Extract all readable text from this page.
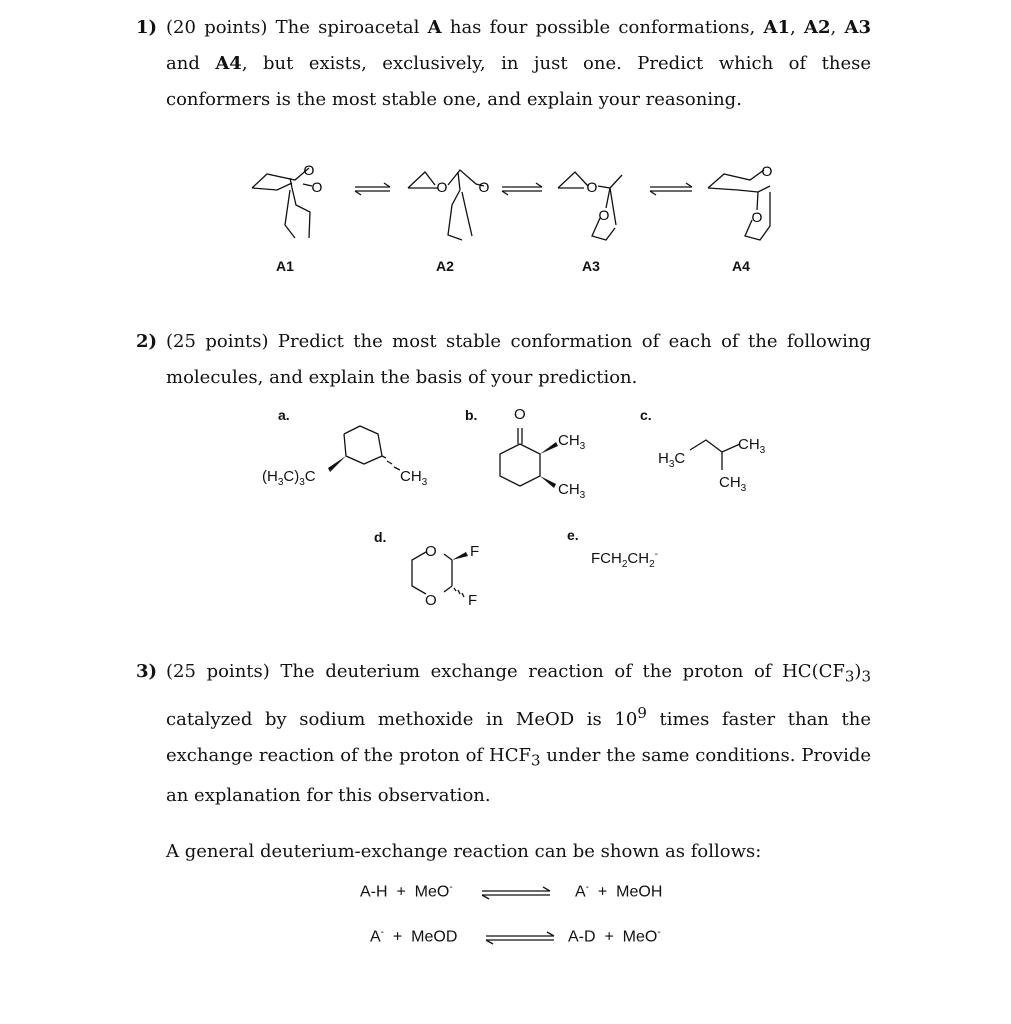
1) (20 points) The spiroacetal A has four possible conformations, A1, A2, A3 and A4, but exists, exclusively, in just one. Predict which of these conformers is the most stable one, and explain your reasoning.
O
O	O O	O
O
O
O
A1	A2	A3	A4
2) (25 points) Predict the most stable conformation of each of the following molecules, and explain the basis of your prediction.
a.	b.	c.
$(H_3C)_3C$	$CH_3$
O
$CH_3$
$CH_3$
$H_3C$
$CH_3$
$CH_3$
d.	e.
O
O
F
F
$FCH_2CH_2^-$
3) (25 points) The deuterium exchange reaction of the proton of $HC(CF_3)_3$ catalyzed by sodium methoxide in MeOD is $10^9$ times faster than the exchange reaction of the proton of $HCF_3$ under the same conditions. Provide an explanation for this observation.
A general deuterium-exchange reaction can be shown as follows:
A-H  +  MeO-	A-  +  MeOH
A-  +  MeOD	A-D  +  MeO-
